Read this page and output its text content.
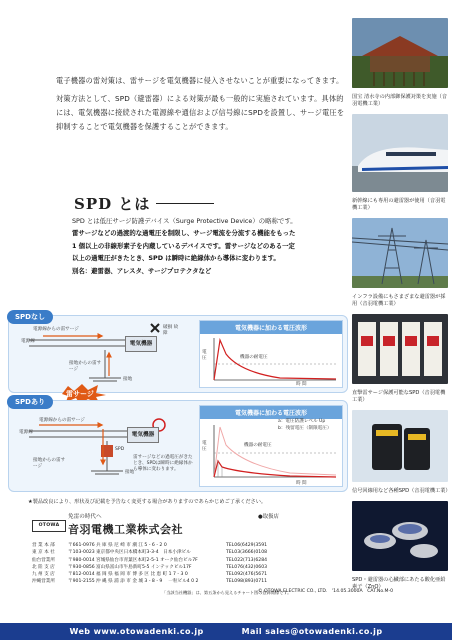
電子機器の雷対策は、雷サージを電気機器に侵入させないことが重要になってきます。

対策方法として、SPD（避雷器）による対策が最も一般的に実施されています。具体的には、電気機器に接続された電源線や通信および信号線にSPDを設置し、サージ電圧を抑制することで電気機器を保護することができます。

国宝 清水寺の内部御保護対策を実施（音羽電機工業）
新幹線にも専用の避雷器が使用（音羽電機工業）
インフラ設備にもさまざまな避雷器が採用（音羽電機工業）
直撃雷サージ保護可能なSPD（音羽電機工業）
信号回線用など各種SPD（音羽電機工業）
SPD・避雷器の心臓部にあたる酸化亜鉛素子（ZnO）
SPD とは
SPD とは低圧サージ防護デバイス（Surge Protective Device）の略称です。
雷サージなどの過渡的な過電圧を制限し、サージ電流を分流する機能をもった
1 個以上の非線形素子を内蔵しているデバイスです。雷サージなどのある一定
以上の過電圧がきたとき、SPD は瞬時に絶縁体から導体に変わります。
別名：避雷器、アレスタ、サージプロテクタなど
SPDなし
電気機器
電源線からの雷サージ
電源線
破損 故障
接地からの雷サージ
接地
電気機器に加わる電圧波形
電圧	機器の耐電圧
時 間
雷サージ
SPDあり
電気機器
電源線からの雷サージ
電源線
SPD
接地からの雷サージ
接地
雷サージなどの過電圧がきたとき、SPDは瞬時に絶縁体から導体に変わります。
電気機器に加わる電圧波形
a：電圧防護レベル Up
b：残留電圧（制限電圧）
機器の耐電圧
電圧
時 間
★製品改良により、形状及び記載を予告なく変更する場合がありますのであらかじめご了承ください。
免雷の時代へ
OTOWA 音羽電機工業株式会社
営 業 本 部	〒661-0976 兵 庫 県 尼 崎 市 潮 江 5 - 6 - 2 0	TEL06(6429)3591
東 京 本 社	〒103-0023 東京都中央区日本橋本町3-3-4　日本小津ビル	TEL03(3666)0108
仙台営業所	〒980-0014 宮城県仙台市青葉区本町2-5-1 オーク仙台ビル7F	TEL022(713)6284
北 陸 支 店	〒930-0856 富山県富山市牛島新町5-5 インテックビル17F	TEL076(432)0603
九 州 支 店	〒812-0014 福 岡 県 福 岡 市 博 多 区 比 恵 町 1 7 - 3 0	TEL092(476)5671
沖縄営業所	〒901-2155 沖 縄 県 浦 添 市 金 城 3 - 8 - 9 　一粒ビル4 0 2	TEL098(893)0711
●取扱店
「当該当社機器」は、第五条から見えるチャート図の登録商標です。
© OTOWA ELECTRIC CO., LTD.　'14.05.3000A　CAT.No.M-0
Web www.otowadenki.co.jp	Mail sales@otowadenki.co.jp
